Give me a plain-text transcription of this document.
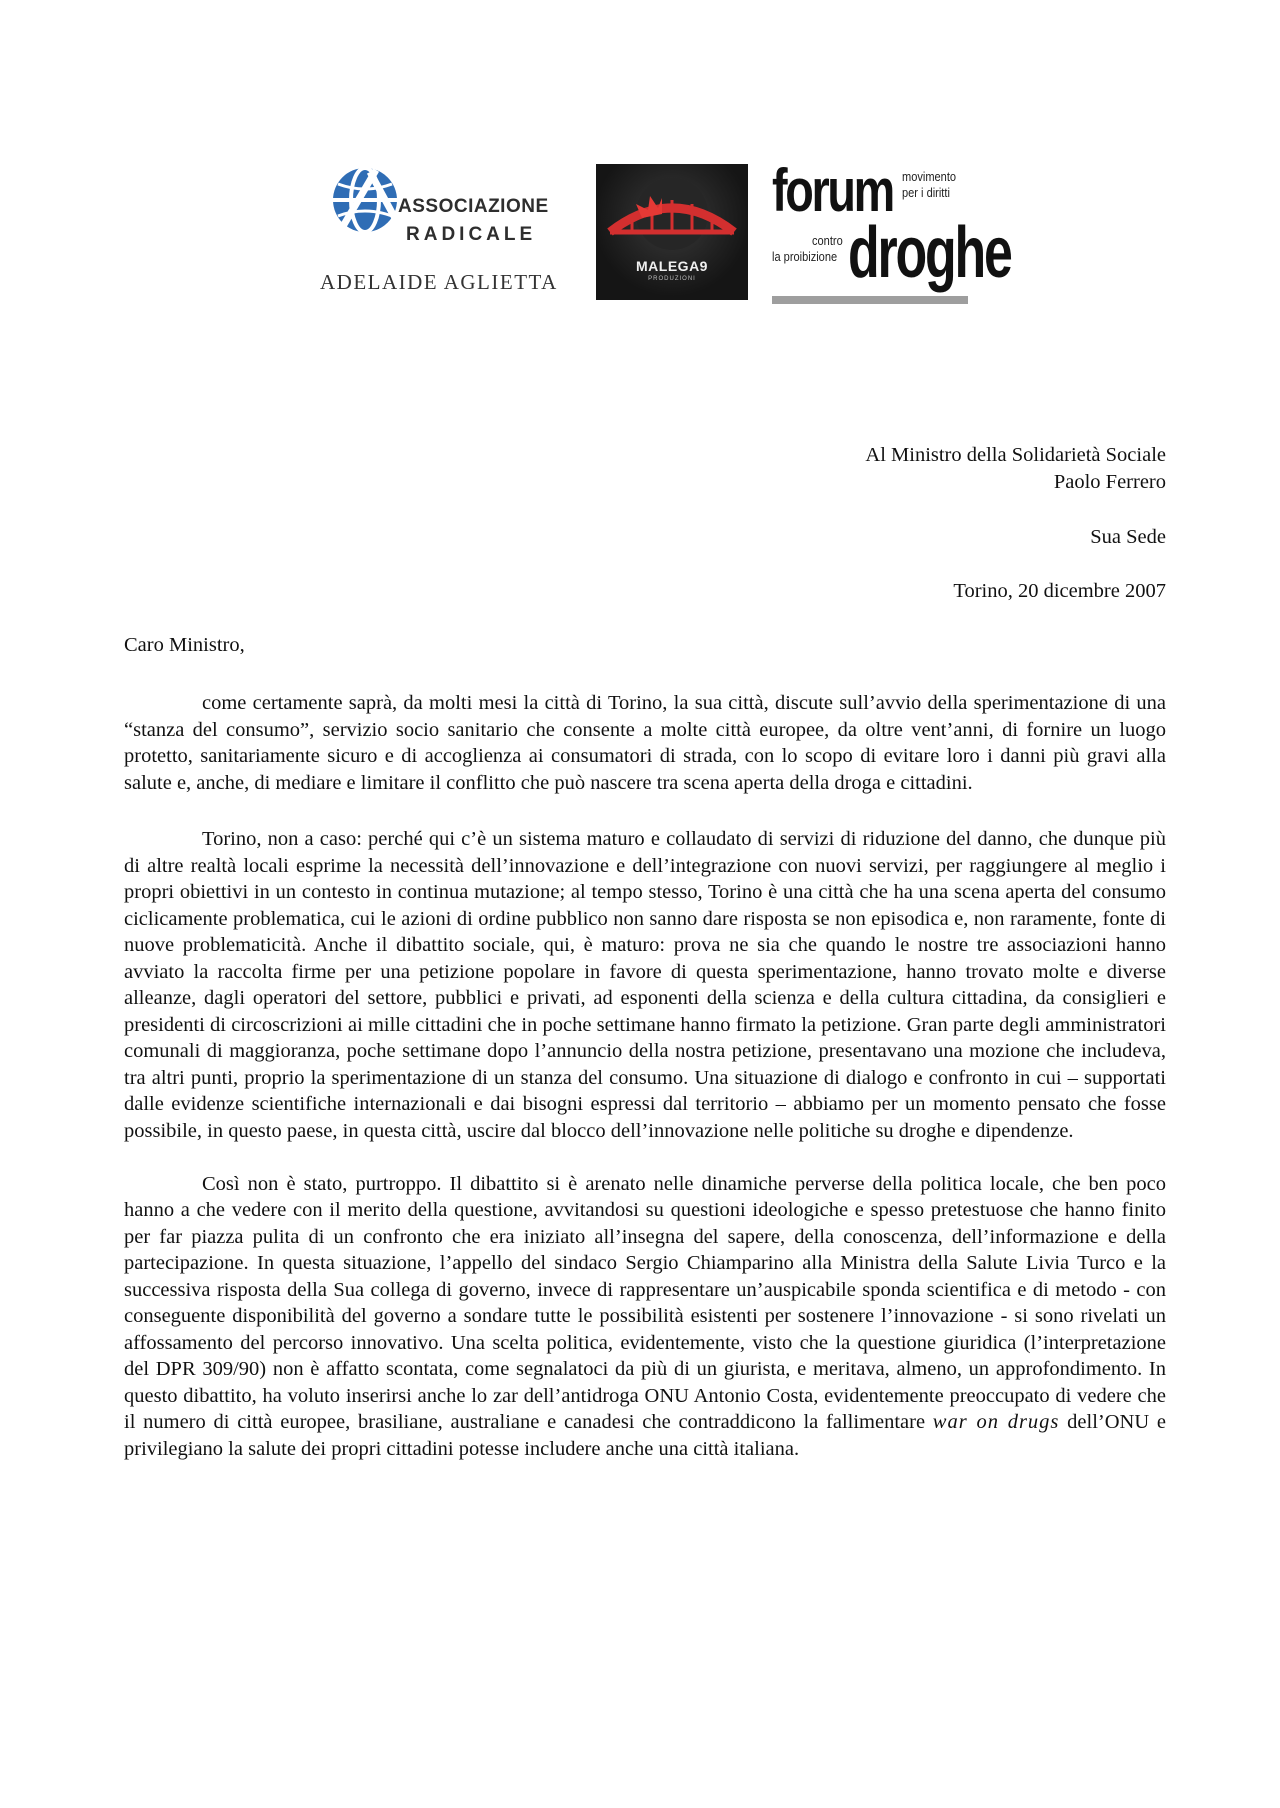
ASSOCIAZIONE
RADICALE
ADELAIDE AGLIETTA
MALEGA9
PRODUZIONI
forum movimento
per i diritti
contro
la proibizione droghe
Al Ministro della Solidarietà Sociale
Paolo Ferrero
Sua Sede
Torino, 20 dicembre 2007
Caro Ministro,

come certamente saprà, da molti mesi la città di Torino, la sua città, discute sull’avvio della sperimentazione di una “stanza del consumo”, servizio socio sanitario che consente a molte città europee, da oltre vent’anni, di fornire un luogo protetto, sanitariamente sicuro e di accoglienza ai consumatori di strada, con lo scopo di evitare loro i danni più gravi alla salute e, anche, di mediare e limitare il conflitto che può nascere tra scena aperta della droga e cittadini.

Torino, non a caso: perché qui c’è un sistema maturo e collaudato di servizi di riduzione del danno, che dunque più di altre realtà locali esprime la necessità dell’innovazione e dell’integrazione con nuovi servizi, per raggiungere al meglio i propri obiettivi in un contesto in continua mutazione; al tempo stesso, Torino è una città che ha una scena aperta del consumo ciclicamente problematica, cui le azioni di ordine pubblico non sanno dare risposta se non episodica e, non raramente, fonte di nuove problematicità. Anche il dibattito sociale, qui, è maturo: prova ne sia che quando le nostre tre associazioni hanno avviato la raccolta firme per una petizione popolare in favore di questa sperimentazione, hanno trovato molte e diverse alleanze, dagli operatori del settore, pubblici e privati, ad esponenti della scienza e della cultura cittadina, da consiglieri e presidenti di circoscrizioni ai mille cittadini che in poche settimane hanno firmato la petizione. Gran parte degli amministratori comunali di maggioranza, poche settimane dopo l’annuncio della nostra petizione, presentavano una mozione che includeva, tra altri punti, proprio la sperimentazione di un stanza del consumo. Una situazione di dialogo e confronto in cui – supportati dalle evidenze scientifiche internazionali e dai bisogni espressi dal territorio – abbiamo per un momento pensato che fosse possibile, in questo paese, in questa città, uscire dal blocco dell’innovazione nelle politiche su droghe e dipendenze.

Così non è stato, purtroppo. Il dibattito si è arenato nelle dinamiche perverse della politica locale, che ben poco hanno a che vedere con il merito della questione, avvitandosi su questioni ideologiche e spesso pretestuose che hanno finito per far piazza pulita di un confronto che era iniziato all’insegna del sapere, della conoscenza, dell’informazione e della partecipazione. In questa situazione, l’appello del sindaco Sergio Chiamparino alla Ministra della Salute Livia Turco e la successiva risposta della Sua collega di governo, invece di rappresentare un’auspicabile sponda scientifica e di metodo - con conseguente disponibilità del governo a sondare tutte le possibilità esistenti per sostenere l’innovazione - si sono rivelati un affossamento del percorso innovativo. Una scelta politica, evidentemente, visto che la questione giuridica (l’interpretazione del DPR 309/90) non è affatto scontata, come segnalatoci da più di un giurista, e meritava, almeno, un approfondimento. In questo dibattito, ha voluto inserirsi anche lo zar dell’antidroga ONU Antonio Costa, evidentemente preoccupato di vedere che il numero di città europee, brasiliane, australiane e canadesi che contraddicono la fallimentare war on drugs dell’ONU e privilegiano la salute dei propri cittadini potesse includere anche una città italiana.
